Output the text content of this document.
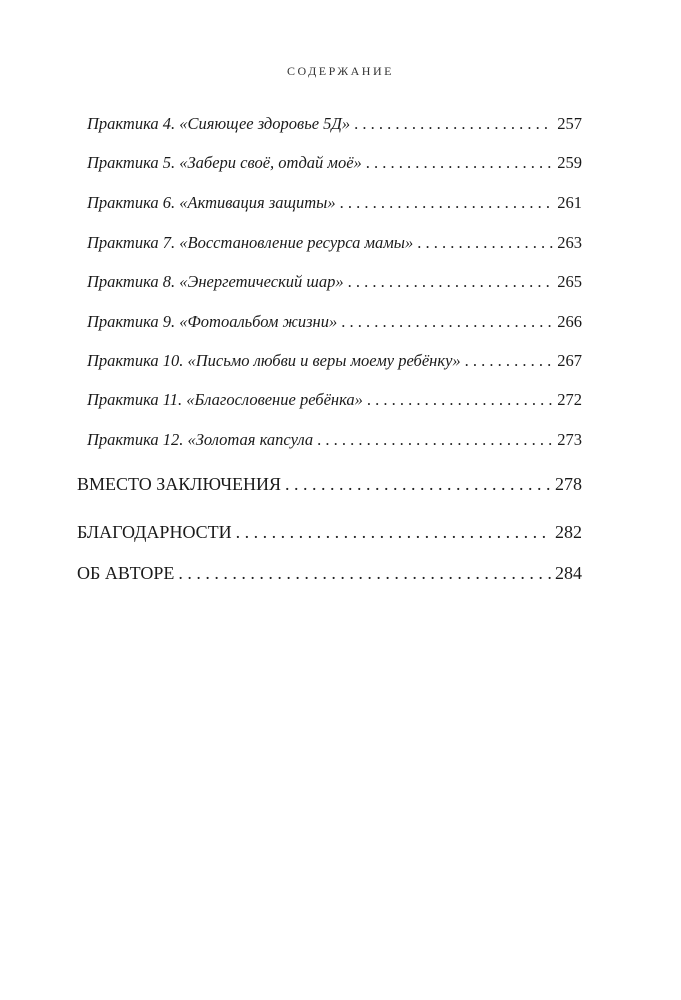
СОДЕРЖАНИЕ
Практика 4. «Сияющее здоровье 5Д» . . .	257
Практика 5. «Забери своё, отдай моё» . . .	259
Практика 6. «Активация защиты» . . .	261
Практика 7. «Восстановление ресурса мамы» . . .	263
Практика 8. «Энергетический шар» . . .	265
Практика 9. «Фотоальбом жизни» . . .	266
Практика 10. «Письмо любви и веры моему ребёнку» . . .	267
Практика 11. «Благословение ребёнка» . . .	272
Практика 12. «Золотая капсула . . .	273
ВМЕСТО ЗАКЛЮЧЕНИЯ . . .	278
БЛАГОДАРНОСТИ . . .	282
ОБ АВТОРЕ . . .	284
